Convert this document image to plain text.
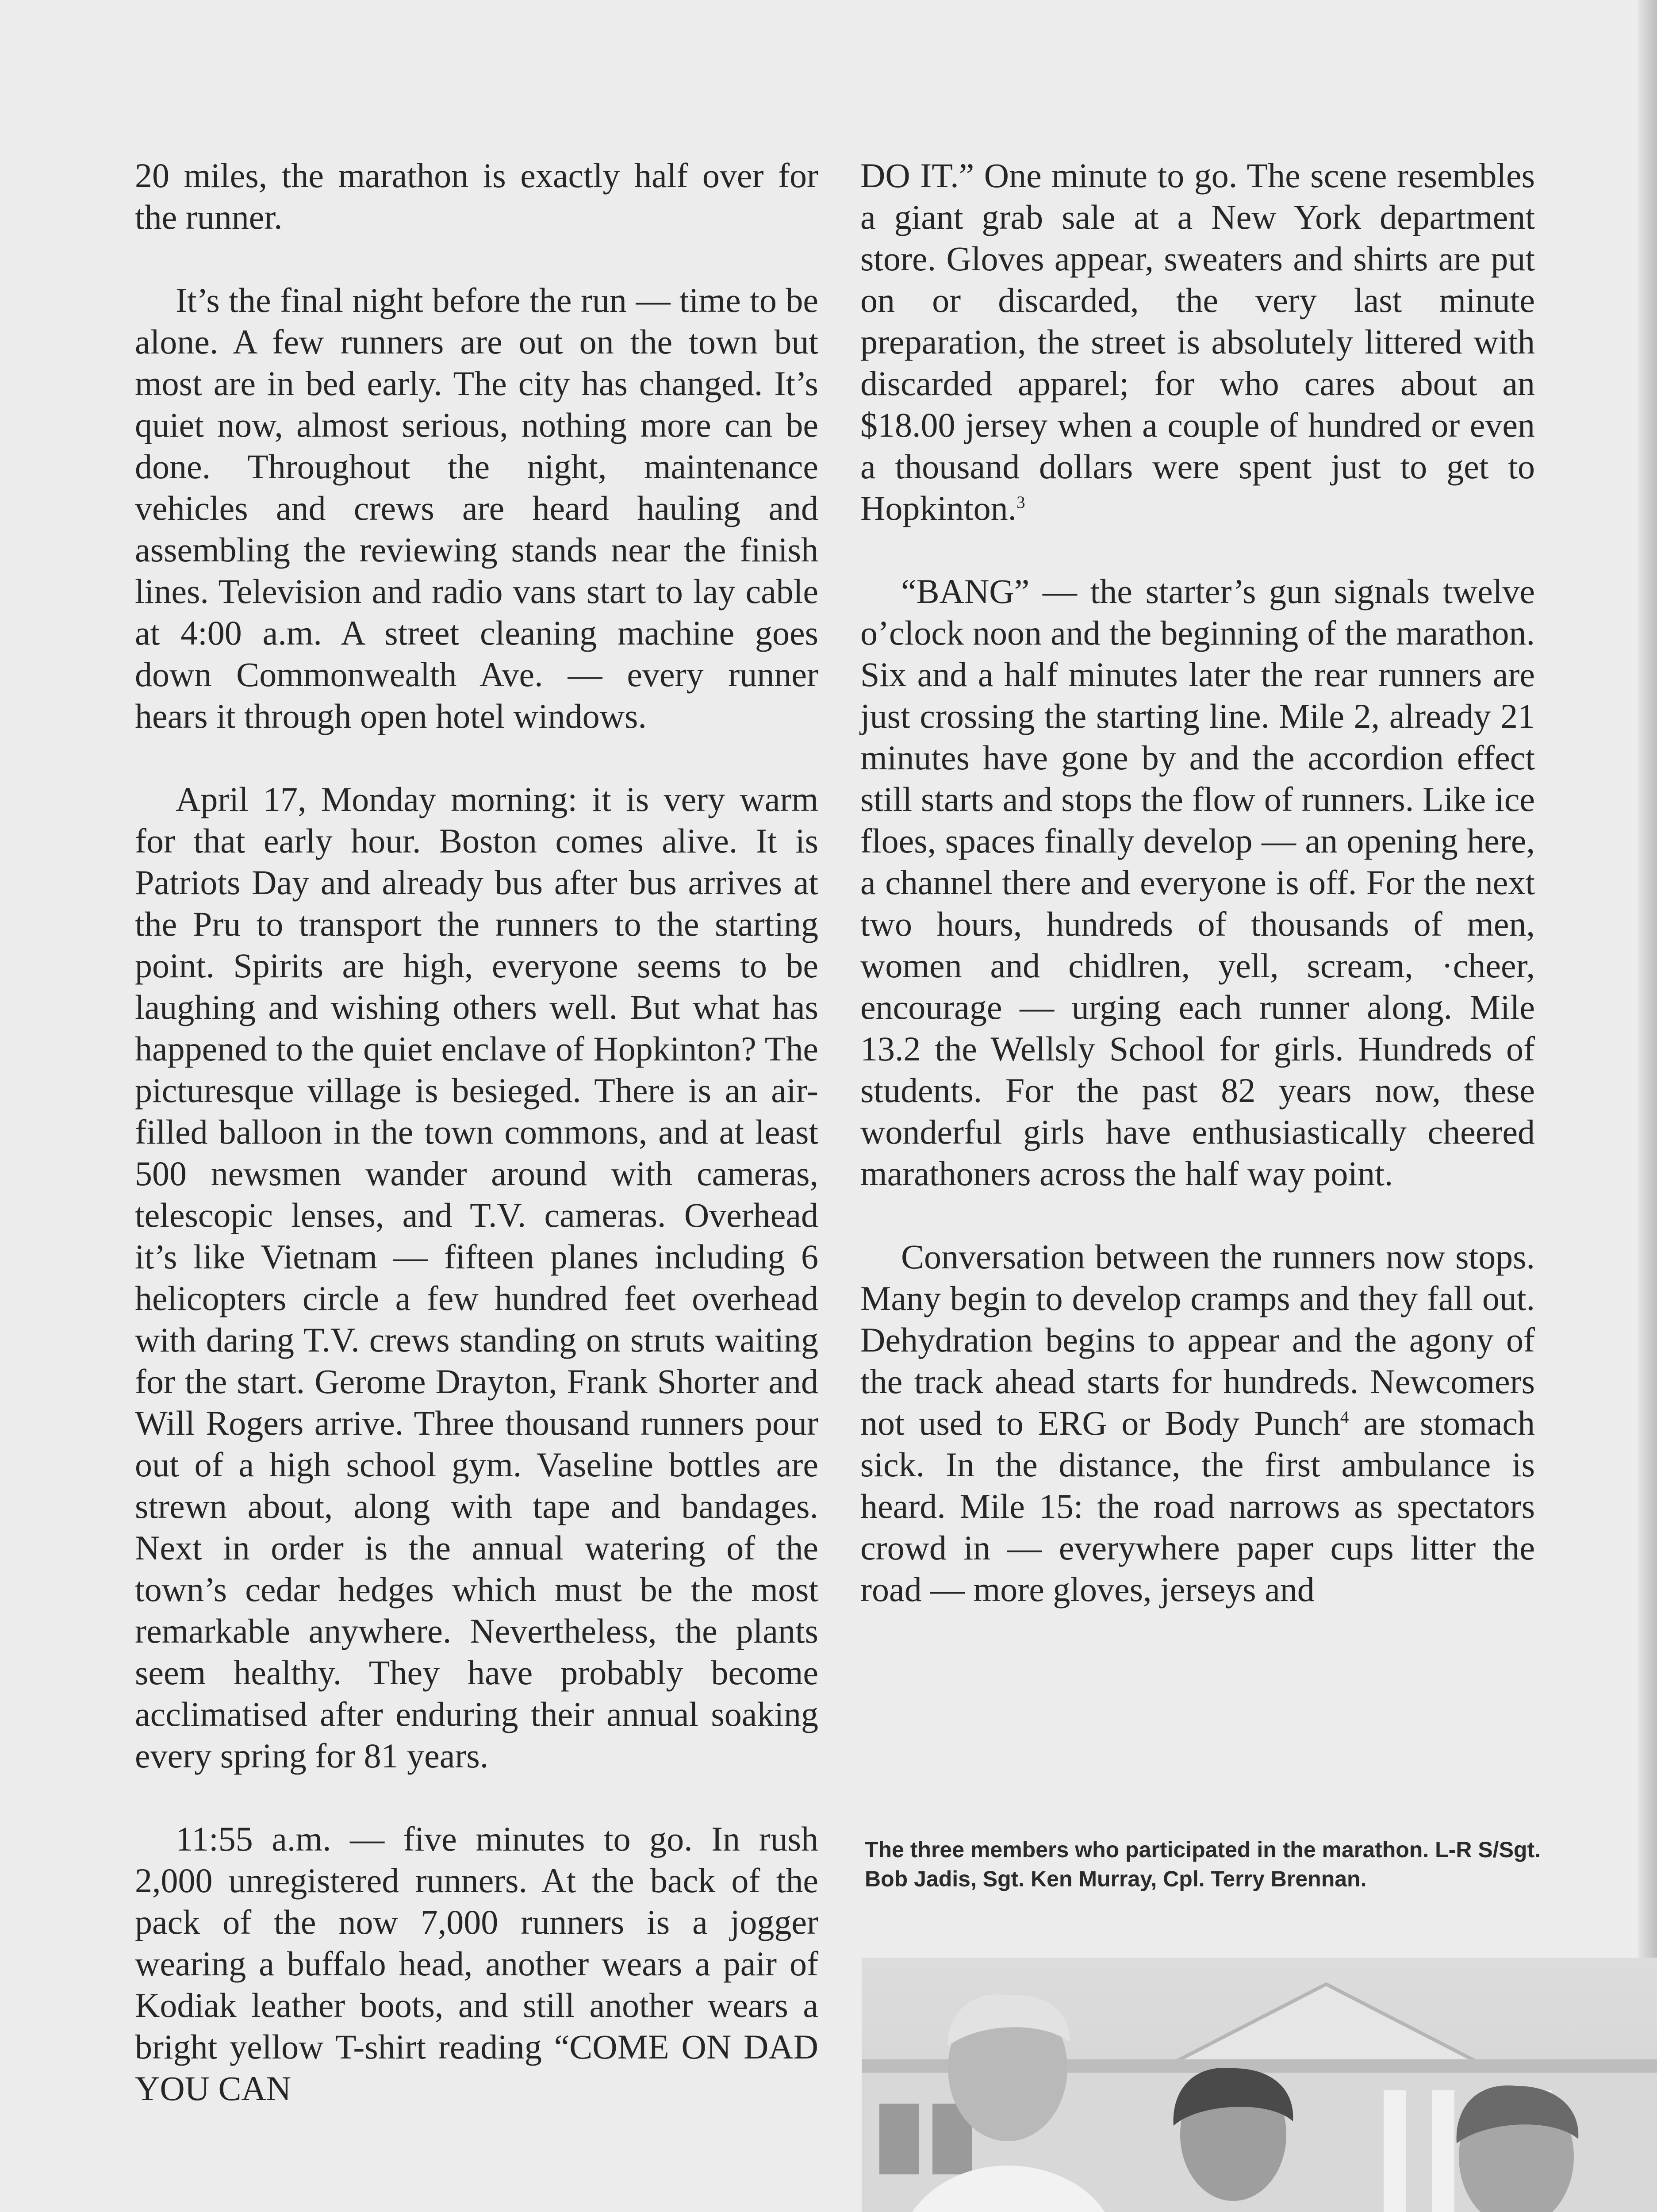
20 miles, the marathon is exactly half over for the runner.

It’s the final night before the run — time to be alone. A few runners are out on the town but most are in bed early. The city has changed. It’s quiet now, almost serious, nothing more can be done. Throughout the night, maintenance vehicles and crews are heard hauling and assembling the reviewing stands near the finish lines. Television and radio vans start to lay cable at 4:00 a.m. A street cleaning machine goes down Commonwealth Ave. — every runner hears it through open hotel windows.

April 17, Monday morning: it is very warm for that early hour. Boston comes alive. It is Patriots Day and already bus after bus arrives at the Pru to transport the runners to the starting point. Spirits are high, everyone seems to be laughing and wishing others well. But what has happened to the quiet enclave of Hopkinton? The picturesque village is besieged. There is an air-filled balloon in the town commons, and at least 500 newsmen wander around with cameras, telescopic lenses, and T.V. cameras. Overhead it’s like Vietnam — fifteen planes including 6 helicopters circle a few hundred feet overhead with daring T.V. crews standing on struts waiting for the start. Gerome Drayton, Frank Shorter and Will Rogers arrive. Three thousand runners pour out of a high school gym. Vaseline bottles are strewn about, along with tape and bandages. Next in order is the annual watering of the town’s cedar hedges which must be the most remarkable anywhere. Nevertheless, the plants seem healthy. They have probably become acclimatised after enduring their annual soaking every spring for 81 years.

11:55 a.m. — five minutes to go. In rush 2,000 unregistered runners. At the back of the pack of the now 7,000 runners is a jogger wearing a buffalo head, another wears a pair of Kodiak leather boots, and still another wears a bright yellow T-shirt reading “COME ON DAD YOU CAN

DO IT.” One minute to go. The scene resembles a giant grab sale at a New York department store. Gloves appear, sweaters and shirts are put on or discarded, the very last minute preparation, the street is absolutely littered with discarded apparel; for who cares about an $18.00 jersey when a couple of hundred or even a thousand dollars were spent just to get to Hopkinton.$^3$

“BANG” — the starter’s gun signals twelve o’clock noon and the beginning of the marathon. Six and a half minutes later the rear runners are just crossing the starting line. Mile 2, already 21 minutes have gone by and the accordion effect still starts and stops the flow of runners. Like ice floes, spaces finally develop — an opening here, a channel there and everyone is off. For the next two hours, hundreds of thousands of men, women and chidlren, yell, scream, ·cheer, encourage — urging each runner along. Mile 13.2 the Wellsly School for girls. Hundreds of students. For the past 82 years now, these wonderful girls have enthusiastically cheered marathoners across the half way point.

Conversation between the runners now stops. Many begin to develop cramps and they fall out. Dehydration begins to appear and the agony of the track ahead starts for hundreds. Newcomers not used to ERG or Body Punch$^4$ are stomach sick. In the distance, the first ambulance is heard. Mile 15: the road narrows as spectators crowd in — everywhere paper cups litter the road — more gloves, jerseys and

The three members who participated in the marathon. L-R S/Sgt. Bob Jadis, Sgt. Ken Murray, Cpl. Terry Brennan.
